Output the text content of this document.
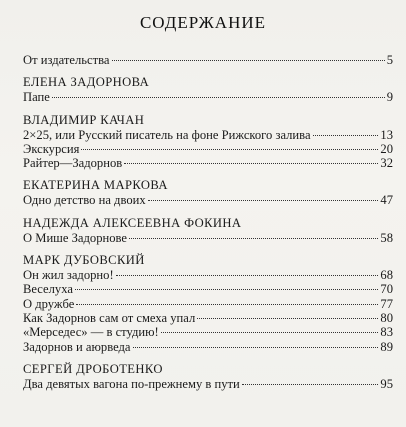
СОДЕРЖАНИЕ
От издательства	5
ЕЛЕНА ЗАДОРНОВА
Папе	9
ВЛАДИМИР КАЧАН
2×25, или Русский писатель на фоне Рижского залива	13
Экскурсия	20
Райтер—Задорнов	32
ЕКАТЕРИНА МАРКОВА
Одно детство на двоих	47
НАДЕЖДА АЛЕКСЕЕВНА ФОКИНА
О Мише Задорнове	58
МАРК ДУБОВСКИЙ
Он жил задорно!	68
Веселуха	70
О дружбе	77
Как Задорнов сам от смеха упал	80
«Мерседес» — в студию!	83
Задорнов и аюрведа	89
СЕРГЕЙ ДРОБОТЕНКО
Два девятых вагона по-прежнему в пути	95
